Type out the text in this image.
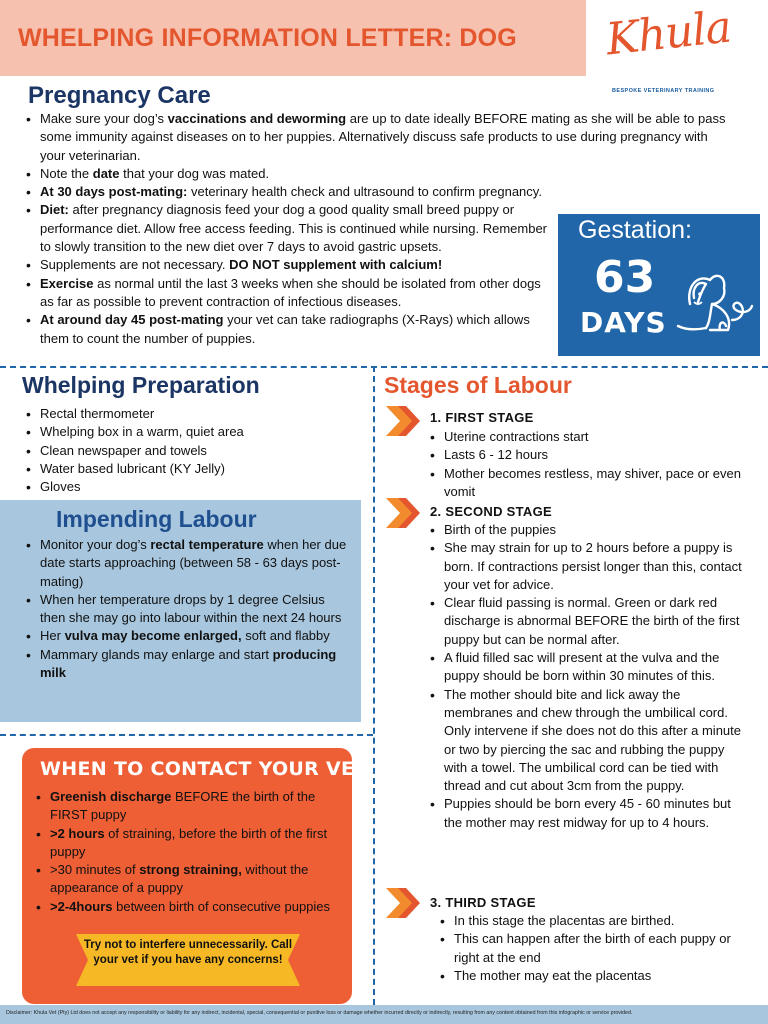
WHELPING INFORMATION LETTER: DOG Khula
BESPOKE VETERINARY TRAINING
Pregnancy Care
• Make sure your dog’s vaccinations and deworming are up to date ideally BEFORE mating as she will be able to pass some immunity against diseases on to her puppies. Alternatively discuss safe products to use during pregnancy with your veterinarian.
• Note the date that your dog was mated.
• At 30 days post-mating: veterinary health check and ultrasound to confirm pregnancy.
• Diet: after pregnancy diagnosis feed your dog a good quality small breed puppy or performance diet. Allow free access feeding. This is continued while nursing. Remember to slowly transition to the new diet over 7 days to avoid gastric upsets.
• Supplements are not necessary. DO NOT supplement with calcium!
• Exercise as normal until the last 3 weeks when she should be isolated from other dogs as far as possible to prevent contraction of infectious diseases.
• At around day 45 post-mating your vet can take radiographs (X-Rays) which allows them to count the number of puppies.
Gestation:
63
DAYS
Whelping Preparation
• Rectal thermometer
• Whelping box in a warm, quiet area
• Clean newspaper and towels
• Water based lubricant (KY Jelly)
• Gloves
Impending Labour
• Monitor your dog’s rectal temperature when her due date starts approaching (between 58 - 63 days post-mating)
• When her temperature drops by 1 degree Celsius then she may go into labour within the next 24 hours
• Her vulva may become enlarged, soft and flabby
• Mammary glands may enlarge and start producing milk
WHEN TO CONTACT YOUR VET:
• Greenish discharge BEFORE the birth of the FIRST puppy
• >2 hours of straining, before the birth of the first puppy
• >30 minutes of strong straining, without the appearance of a puppy
• >2-4hours between birth of consecutive puppies
Try not to interfere unnecessarily. Call your vet if you have any concerns!
Stages of Labour
1. FIRST STAGE
• Uterine contractions start
• Lasts 6 - 12 hours
• Mother becomes restless, may shiver, pace or even vomit
2. SECOND STAGE
• Birth of the puppies
• She may strain for up to 2 hours before a puppy is born. If contractions persist longer than this, contact your vet for advice.
• Clear fluid passing is normal. Green or dark red discharge is abnormal BEFORE the birth of the first puppy but can be normal after.
• A fluid filled sac will present at the vulva and the puppy should be born within 30 minutes of this.
• The mother should bite and lick away the membranes and chew through the umbilical cord. Only intervene if she does not do this after a minute or two by piercing the sac and rubbing the puppy with a towel. The umbilical cord can be tied with thread and cut about 3cm from the puppy.
• Puppies should be born every 45 - 60 minutes but the mother may rest midway for up to 4 hours.
3. THIRD STAGE
• In this stage the placentas are birthed.
• This can happen after the birth of each puppy or right at the end
• The mother may eat the placentas
Disclaimer: Khula Vet (Pty) Ltd does not accept any responsibility or liability for any indirect, incidental, special, consequential or punitive loss or damage whether incurred directly or indirectly, resulting from any content obtained from this infographic or service provided.
